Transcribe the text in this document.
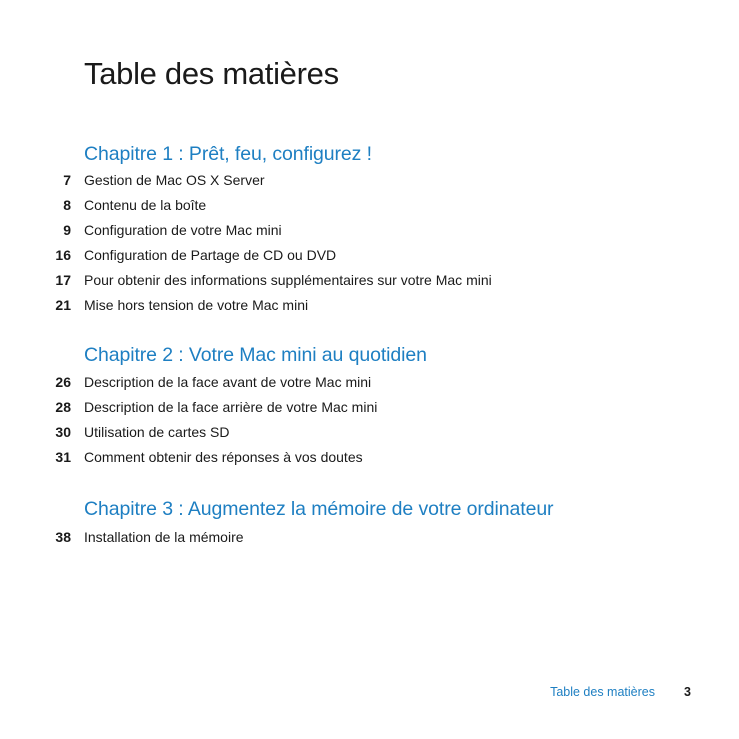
Table des matières
Chapitre 1 : Prêt, feu, configurez !
7 Gestion de Mac OS X Server
8 Contenu de la boîte
9 Configuration de votre Mac mini
16 Configuration de Partage de CD ou DVD
17 Pour obtenir des informations supplémentaires sur votre Mac mini
21 Mise hors tension de votre Mac mini
Chapitre 2 : Votre Mac mini au quotidien
26 Description de la face avant de votre Mac mini
28 Description de la face arrière de votre Mac mini
30 Utilisation de cartes SD
31 Comment obtenir des réponses à vos doutes
Chapitre 3 : Augmentez la mémoire de votre ordinateur
38 Installation de la mémoire
Table des matières 3
